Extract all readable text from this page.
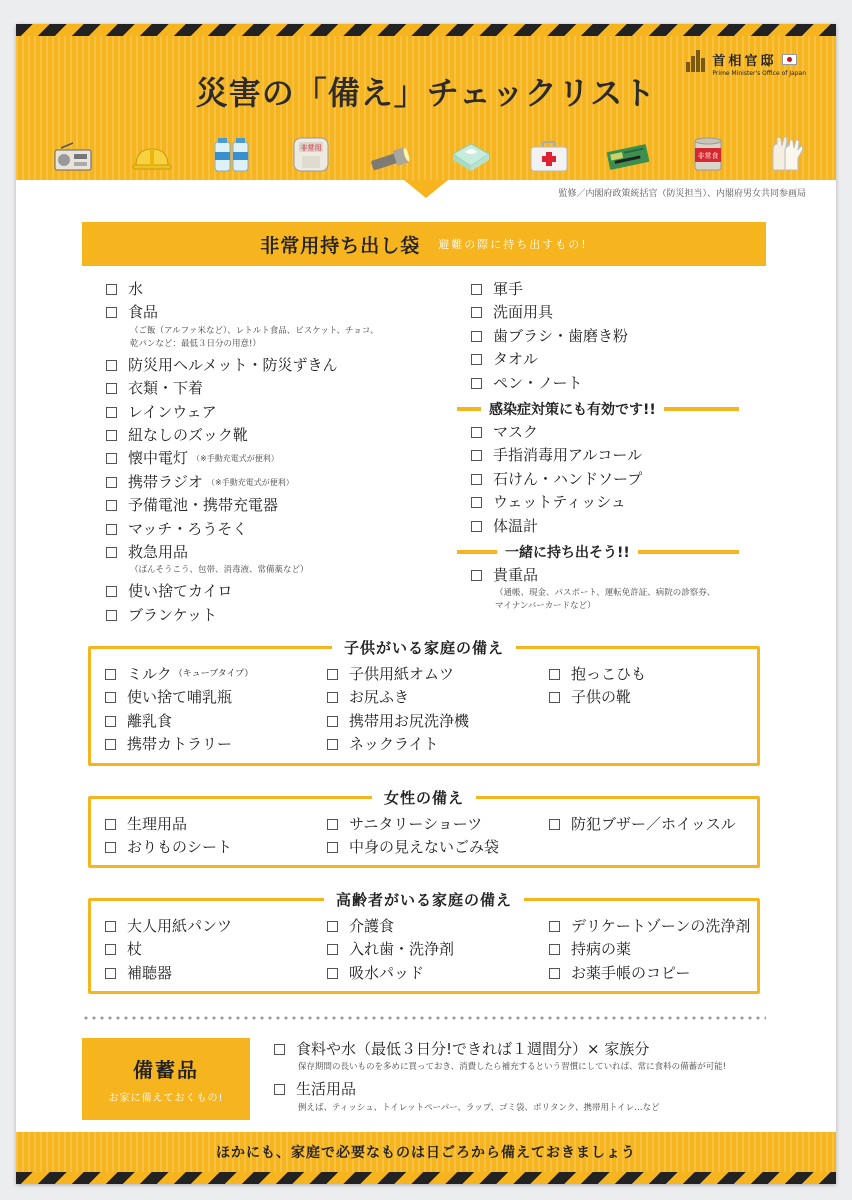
首相官邸
Prime Minister's Office of Japan
災害の「備え」チェックリスト
非常用
非常食
監修／内閣府政策統括官（防災担当）、内閣府男女共同参画局
非常用持ち出し袋 避難の際に持ち出すもの!
水
食品
（ご飯（アルファ米など）、レトルト食品、ビスケット、チョコ、
乾パンなど：最低３日分の用意!）
防災用ヘルメット・防災ずきん
衣類・下着
レインウェア
紐なしのズック靴
懐中電灯 （※手動充電式が便利）
携帯ラジオ （※手動充電式が便利）
予備電池・携帯充電器
マッチ・ろうそく
救急用品
（ばんそうこう、包帯、消毒液、常備薬など）
使い捨てカイロ
ブランケット
軍手
洗面用具
歯ブラシ・歯磨き粉
タオル
ペン・ノート
感染症対策にも有効です!!
マスク
手指消毒用アルコール
石けん・ハンドソープ
ウェットティッシュ
体温計
一緒に持ち出そう!!
貴重品
（通帳、現金、パスポート、運転免許証、病院の診察券、
マイナンバーカードなど）
子供がいる家庭の備え
ミルク （キューブタイプ）	子供用紙オムツ	抱っこひも
使い捨て哺乳瓶	お尻ふき	子供の靴
離乳食	携帯用お尻洗浄機
携帯カトラリー	ネックライト
女性の備え
生理用品	サニタリーショーツ	防犯ブザー／ホイッスル
おりものシート	中身の見えないごみ袋
高齢者がいる家庭の備え
大人用紙パンツ	介護食	デリケートゾーンの洗浄剤
杖	入れ歯・洗浄剤	持病の薬
補聴器	吸水パッド	お薬手帳のコピー
備蓄品
お家に備えておくもの!
食料や水（最低３日分!できれば１週間分）× 家族分
保存期間の長いものを多めに買っておき、消費したら補充するという習慣にしていれば、常に食料の備蓄が可能!
生活用品
例えば、ティッシュ、トイレットペーパー、ラップ、ゴミ袋、ポリタンク、携帯用トイレ…など
ほかにも、家庭で必要なものは日ごろから備えておきましょう
